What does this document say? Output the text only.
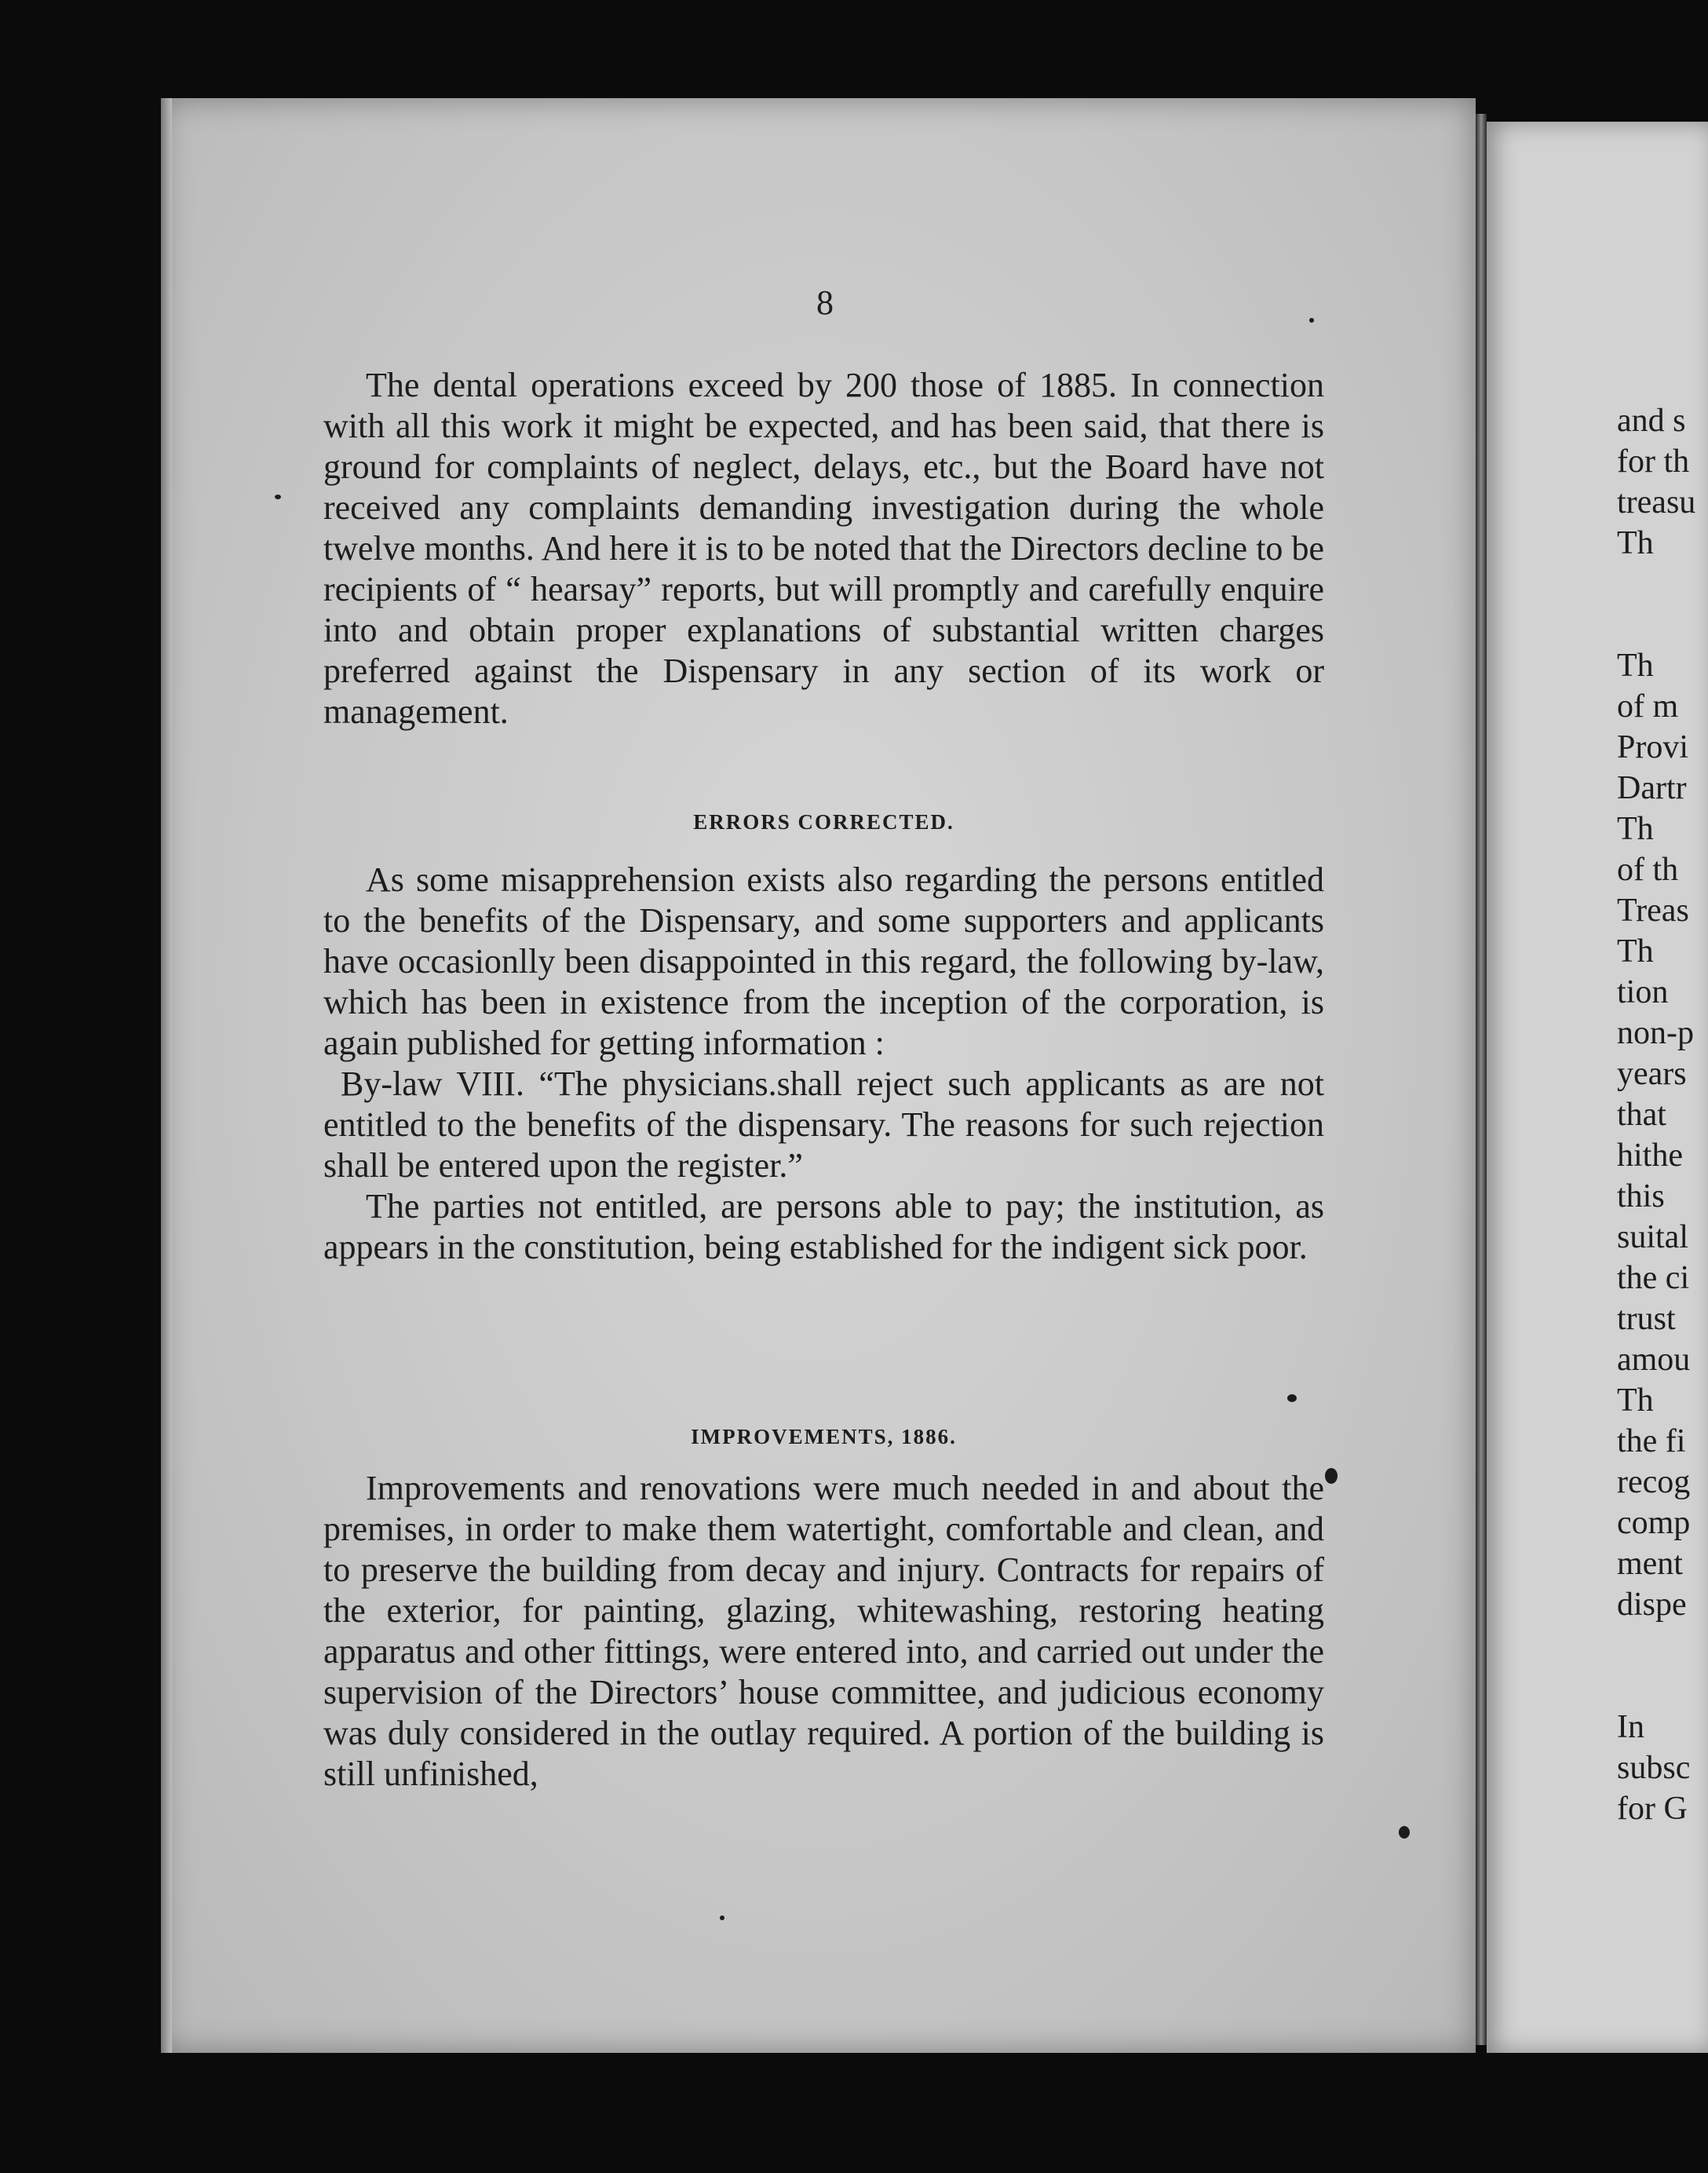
8

The dental operations exceed by 200 those of 1885. In connection with all this work it might be expected, and has been said, that there is ground for complaints of neglect, delays, etc., but the Board have not received any complaints demanding investigation during the whole twelve months. And here it is to be noted that the Directors decline to be recipients of “ hearsay” reports, but will promptly and carefully enquire into and obtain proper explanations of substantial written charges preferred against the Dispensary in any section of its work or management.

ERRORS CORRECTED.

As some misapprehension exists also regarding the persons entitled to the benefits of the Dispensary, and some supporters and applicants have occasionlly been disappointed in this regard, the following by-law, which has been in existence from the inception of the corporation, is again published for getting information :

By-law VIII. “The physicians.shall reject such applicants as are not entitled to the benefits of the dispensary. The reasons for such rejection shall be entered upon the register.”

The parties not entitled, are persons able to pay; the institution, as appears in the constitution, being established for the indigent sick poor.

IMPROVEMENTS, 1886.

Improvements and renovations were much needed in and about the premises, in order to make them watertight, comfortable and clean, and to preserve the building from decay and injury. Contracts for repairs of the exterior, for painting, glazing, whitewashing, restoring heating apparatus and other fittings, were entered into, and carried out under the supervision of the Directors’ house committee, and judicious economy was duly considered in the outlay required. A portion of the building is still unfinished,

and s
for th
treasu
Th
Th
of m
Provi
Dartr
Th
of th
Treas
Th
tion
non-p
years
that
hithe
this
suital
the ci
trust
amou
Th
the fi
recog
comp
ment
dispe
In
subsc
for G
